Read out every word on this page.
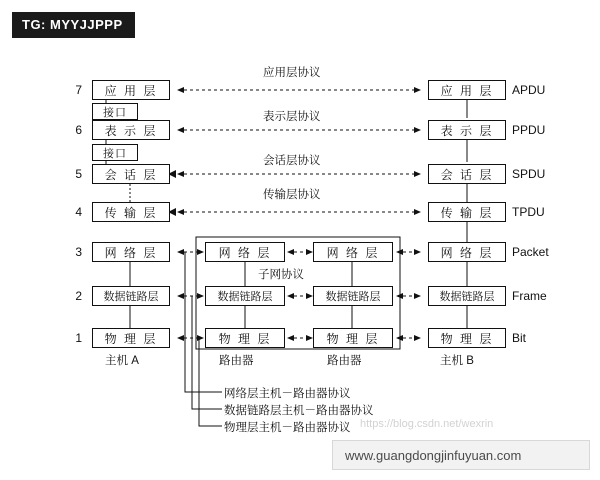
TG: MYYJJPPP
7
6
5
4
3
2
1
应 用 层
表 示 层
会 话 层
传 输 层
网 络 层
数据链路层
物 理 层
接口
接口
应 用 层
表 示 层
会 话 层
传 输 层
网 络 层
数据链路层
物 理 层
APDU
PPDU
SPDU
TPDU
Packet
Frame
Bit
应用层协议
表示层协议
会话层协议
传输层协议
网 络 层
数据链路层
物 理 层
网 络 层
数据链路层
物 理 层
子网协议
主机 A	主机 B
路由器	路由器
网络层主机－路由器协议
数据链路层主机－路由器协议
物理层主机－路由器协议 https://blog.csdn.net/wexrin
www.guangdongjinfuyuan.com
